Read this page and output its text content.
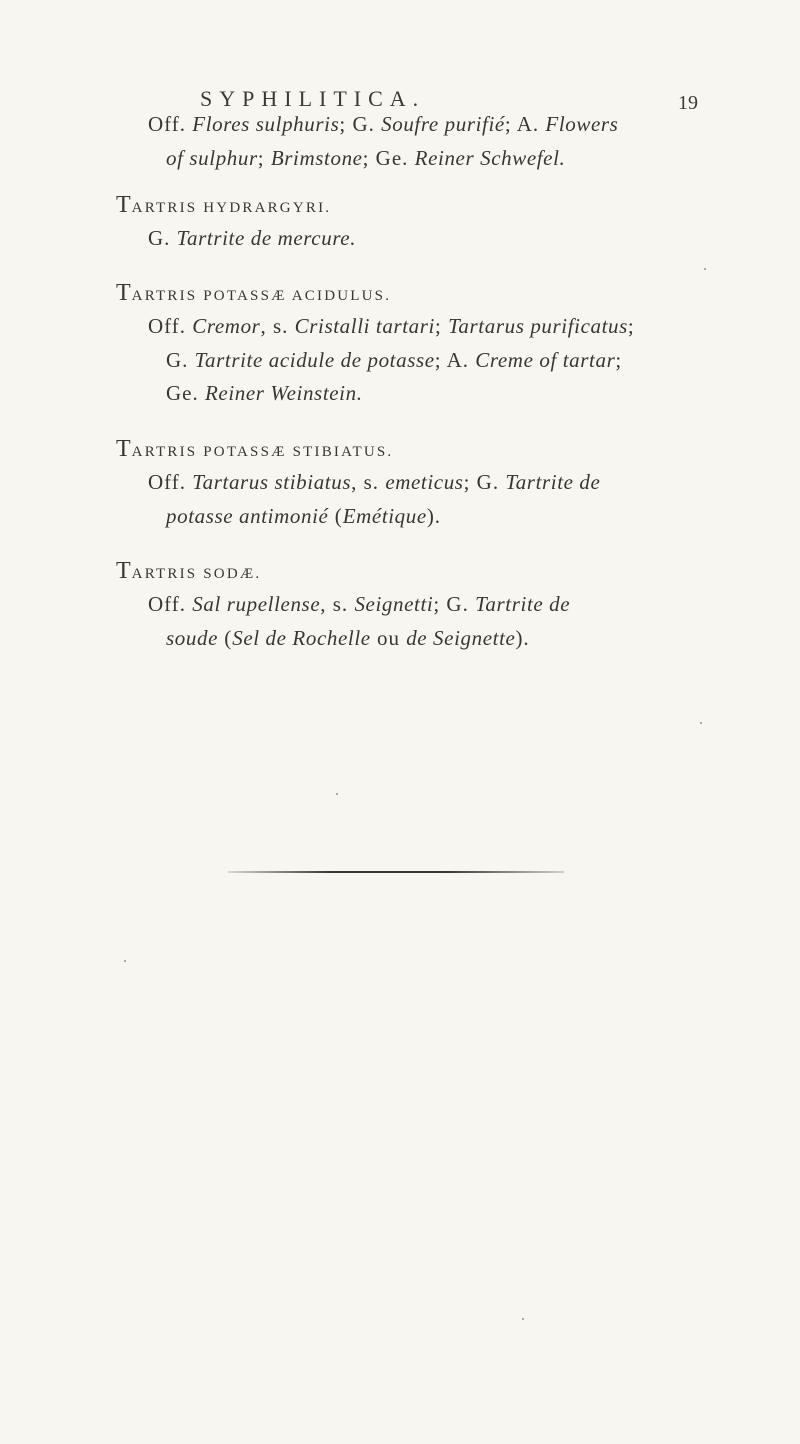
SYPHILITICA.	19
Off. Flores sulphuris; G. Soufre purifié; A. Flowers
of sulphur; Brimstone; Ge. Reiner Schwefel.
TARTRIS HYDRARGYRI.
G. Tartrite de mercure.
TARTRIS POTASSÆ ACIDULUS.
Off. Cremor, s. Cristalli tartari; Tartarus purificatus;
G. Tartrite acidule de potasse; A. Creme of tartar;
Ge. Reiner Weinstein.
TARTRIS POTASSÆ STIBIATUS.
Off. Tartarus stibiatus, s. emeticus; G. Tartrite de
potasse antimonié (Emétique).
TARTRIS SODÆ.
Off. Sal rupellense, s. Seignetti; G. Tartrite de
soude (Sel de Rochelle ou de Seignette).
